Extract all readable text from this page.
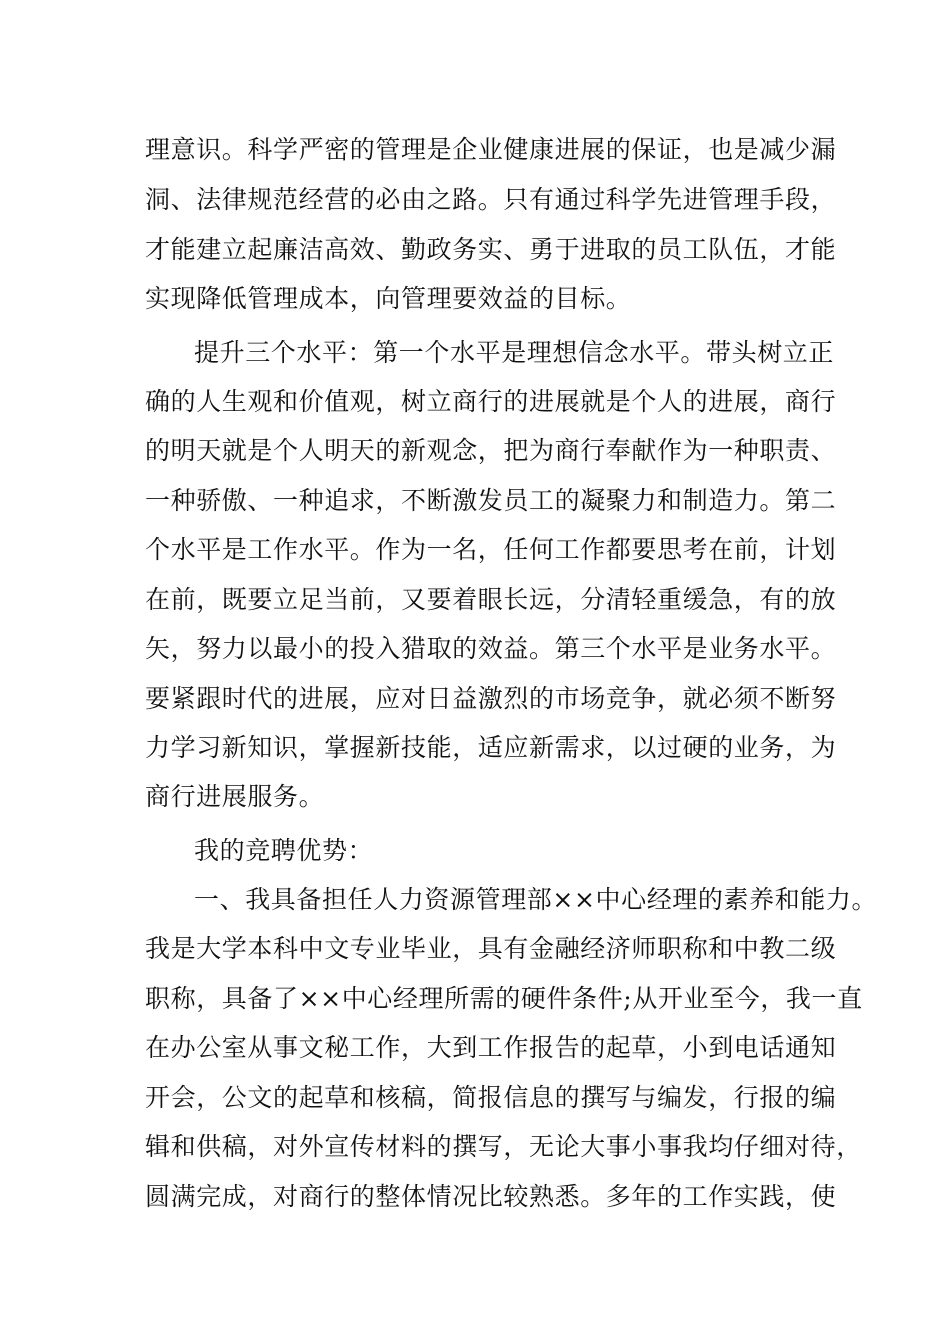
理意识。科学严密的管理是企业健康进展的保证，也是减少漏
洞、法律规范经营的必由之路。只有通过科学先进管理手段，
才能建立起廉洁高效、勤政务实、勇于进取的员工队伍，才能
实现降低管理成本，向管理要效益的目标。
提升三个水平：第一个水平是理想信念水平。带头树立正
确的人生观和价值观，树立商行的进展就是个人的进展，商行
的明天就是个人明天的新观念，把为商行奉献作为一种职责、
一种骄傲、一种追求，不断激发员工的凝聚力和制造力。第二
个水平是工作水平。作为一名，任何工作都要思考在前，计划
在前，既要立足当前，又要着眼长远，分清轻重缓急，有的放
矢，努力以最小的投入猎取的效益。第三个水平是业务水平。
要紧跟时代的进展，应对日益激烈的市场竞争，就必须不断努
力学习新知识，掌握新技能，适应新需求，以过硬的业务，为
商行进展服务。
我的竞聘优势：
一、我具备担任人力资源管理部××中心经理的素养和能力。
我是大学本科中文专业毕业，具有金融经济师职称和中教二级
职称，具备了××中心经理所需的硬件条件;从开业至今，我一直
在办公室从事文秘工作，大到工作报告的起草，小到电话通知
开会，公文的起草和核稿，简报信息的撰写与编发，行报的编
辑和供稿，对外宣传材料的撰写，无论大事小事我均仔细对待，
圆满完成，对商行的整体情况比较熟悉。多年的工作实践，使
